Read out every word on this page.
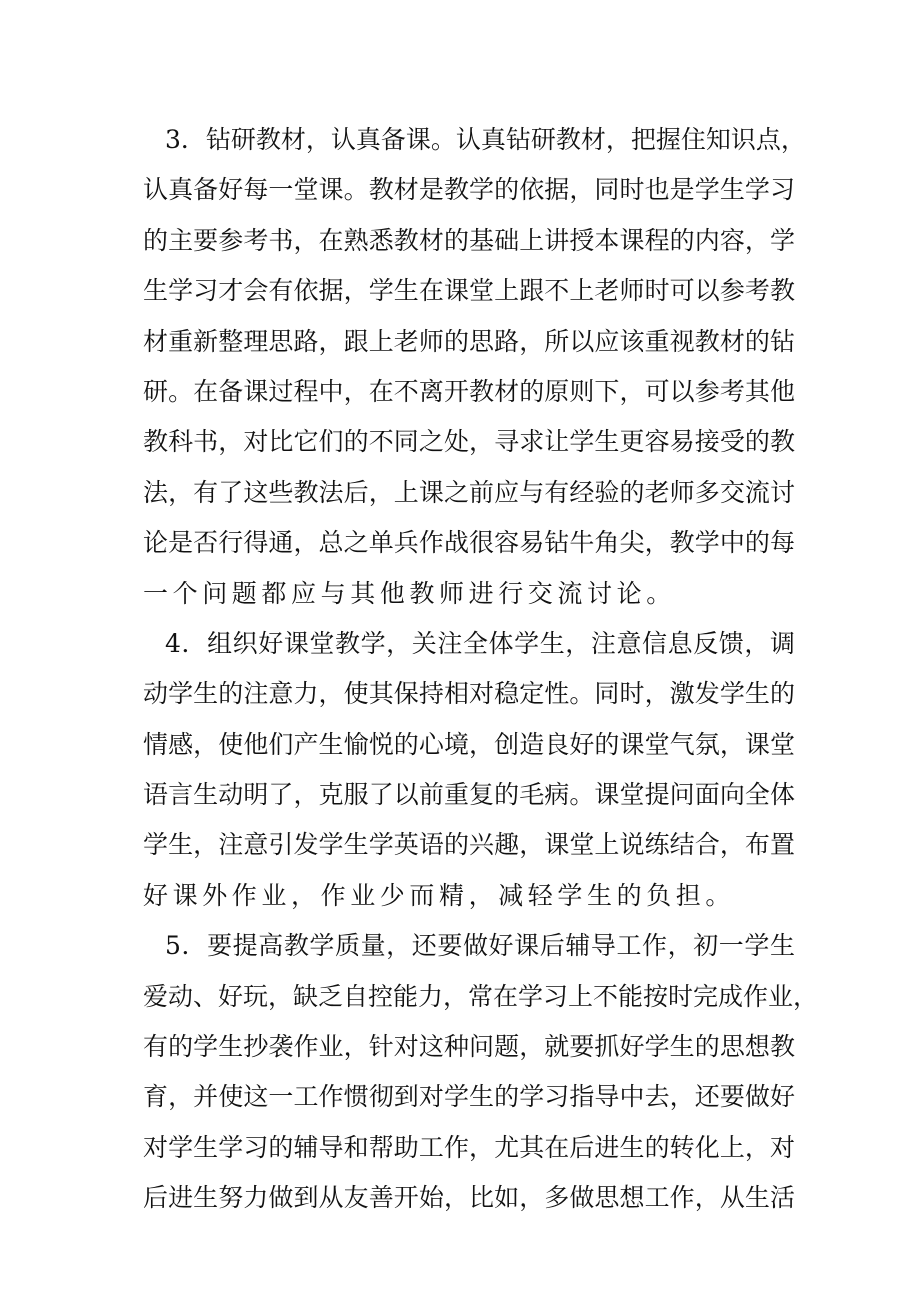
3．钻研教材，认真备课。认真钻研教材，把握住知识点，
认真备好每一堂课。教材是教学的依据，同时也是学生学习
的主要参考书，在熟悉教材的基础上讲授本课程的内容，学
生学习才会有依据，学生在课堂上跟不上老师时可以参考教
材重新整理思路，跟上老师的思路，所以应该重视教材的钻
研。在备课过程中，在不离开教材的原则下，可以参考其他
教科书，对比它们的不同之处，寻求让学生更容易接受的教
法，有了这些教法后，上课之前应与有经验的老师多交流讨
论是否行得通，总之单兵作战很容易钻牛角尖，教学中的每
一个问题都应与其他教师进行交流讨论。
4．组织好课堂教学，关注全体学生，注意信息反馈，调
动学生的注意力，使其保持相对稳定性。同时，激发学生的
情感，使他们产生愉悦的心境，创造良好的课堂气氛，课堂
语言生动明了，克服了以前重复的毛病。课堂提问面向全体
学生，注意引发学生学英语的兴趣，课堂上说练结合，布置
好课外作业，作业少而精，减轻学生的负担。
5．要提高教学质量，还要做好课后辅导工作，初一学生
爱动、好玩，缺乏自控能力，常在学习上不能按时完成作业，
有的学生抄袭作业，针对这种问题，就要抓好学生的思想教
育，并使这一工作惯彻到对学生的学习指导中去，还要做好
对学生学习的辅导和帮助工作，尤其在后进生的转化上，对
后进生努力做到从友善开始，比如，多做思想工作，从生活
